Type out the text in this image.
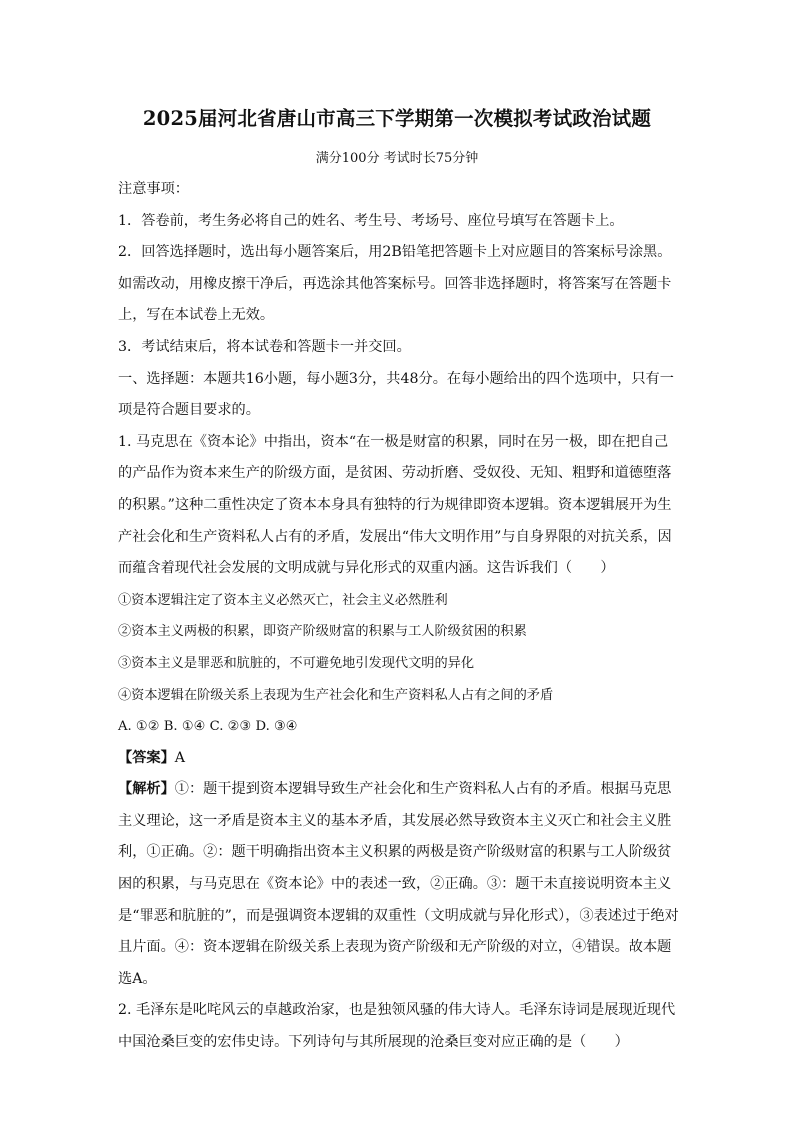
2025届河北省唐山市高三下学期第一次模拟考试政治试题
满分100分 考试时长75分钟

注意事项：

1．答卷前，考生务必将自己的姓名、考生号、考场号、座位号填写在答题卡上。

2．回答选择题时，选出每小题答案后，用2B铅笔把答题卡上对应题目的答案标号涂黑。如需改动，用橡皮擦干净后，再选涂其他答案标号。回答非选择题时，将答案写在答题卡上，写在本试卷上无效。

3．考试结束后，将本试卷和答题卡一并交回。

一、选择题：本题共16小题，每小题3分，共48分。在每小题给出的四个选项中，只有一项是符合题目要求的。

1. 马克思在《资本论》中指出，资本“在一极是财富的积累，同时在另一极，即在把自己的产品作为资本来生产的阶级方面，是贫困、劳动折磨、受奴役、无知、粗野和道德堕落的积累。”这种二重性决定了资本本身具有独特的行为规律即资本逻辑。资本逻辑展开为生产社会化和生产资料私人占有的矛盾，发展出“伟大文明作用”与自身界限的对抗关系，因而蕴含着现代社会发展的文明成就与异化形式的双重内涵。这告诉我们（　　）

①资本逻辑注定了资本主义必然灭亡，社会主义必然胜利

②资本主义两极的积累，即资产阶级财富的积累与工人阶级贫困的积累

③资本主义是罪恶和肮脏的，不可避免地引发现代文明的异化

④资本逻辑在阶级关系上表现为生产社会化和生产资料私人占有之间的矛盾

A. ①② B. ①④ C. ②③ D. ③④

【答案】A

【解析】①：题干提到资本逻辑导致生产社会化和生产资料私人占有的矛盾。根据马克思主义理论，这一矛盾是资本主义的基本矛盾，其发展必然导致资本主义灭亡和社会主义胜利，①正确。②：题干明确指出资本主义积累的两极是资产阶级财富的积累与工人阶级贫困的积累，与马克思在《资本论》中的表述一致，②正确。③：题干未直接说明资本主义是“罪恶和肮脏的”，而是强调资本逻辑的双重性（文明成就与异化形式），③表述过于绝对且片面。④：资本逻辑在阶级关系上表现为资产阶级和无产阶级的对立，④错误。故本题选A。

2. 毛泽东是叱咤风云的卓越政治家，也是独领风骚的伟大诗人。毛泽东诗词是展现近现代中国沧桑巨变的宏伟史诗。下列诗句与其所展现的沧桑巨变对应正确的是（　　）
